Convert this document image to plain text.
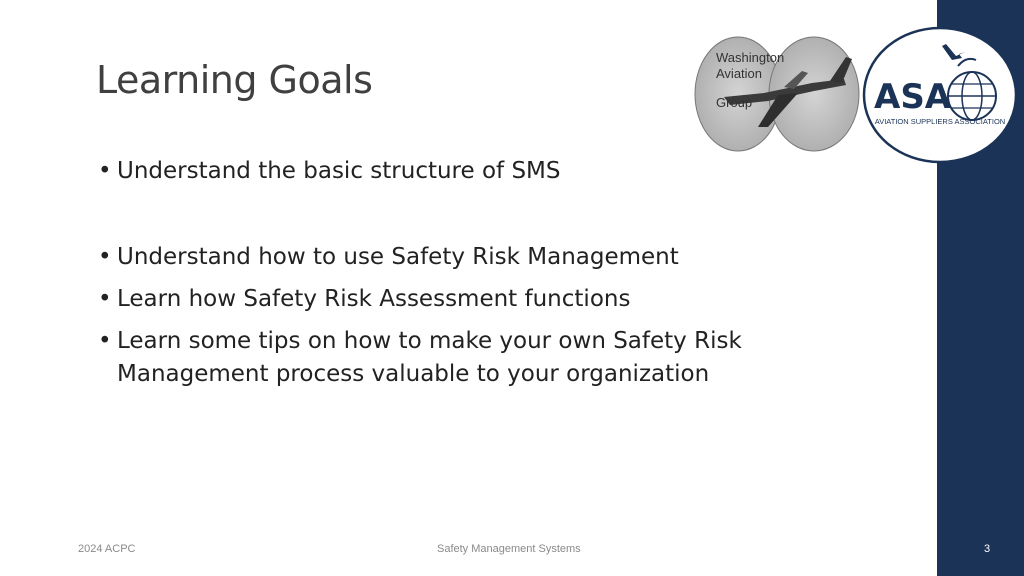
Learning Goals
• Understand the basic structure of SMS
• Understand how to use Safety Risk Management
• Learn how Safety Risk Assessment functions
• Learn some tips on how to make your own Safety Risk Management process valuable to your organization
Washington
Aviation
Group	ASA
AVIATION SUPPLIERS ASSOCIATION
2024 ACPC	Safety Management Systems	3
